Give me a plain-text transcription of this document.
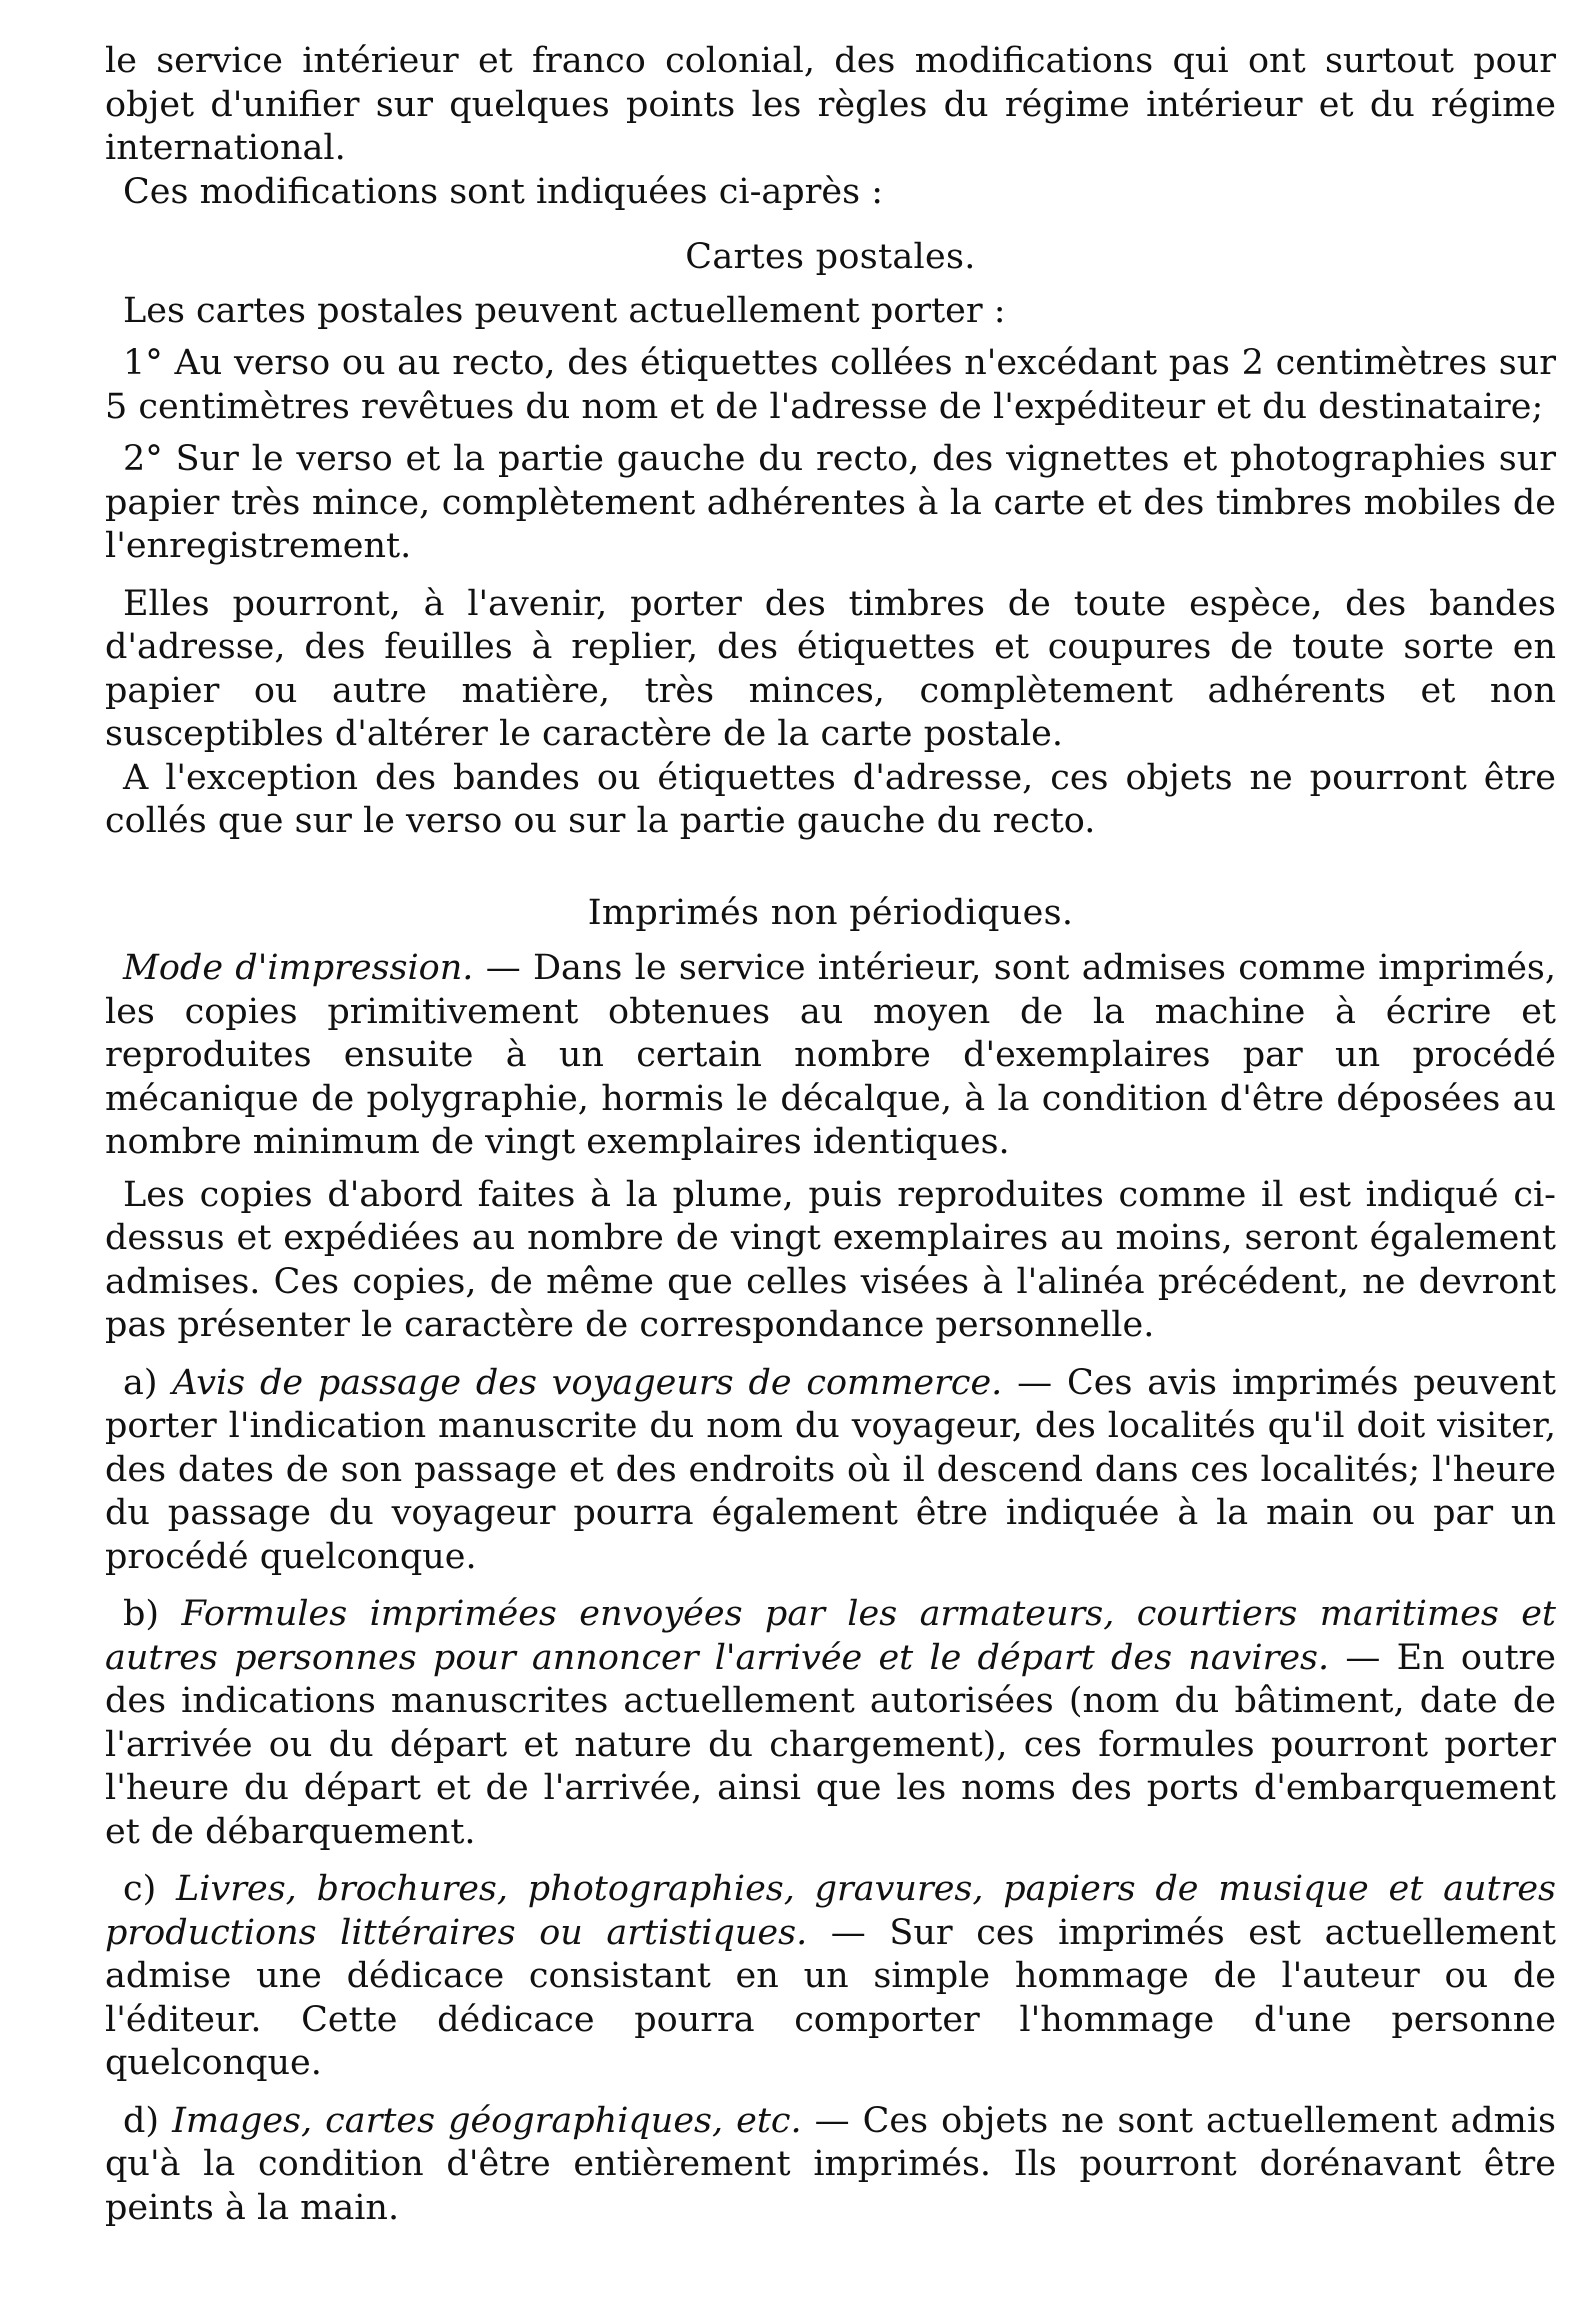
le service intérieur et franco colonial, des modifications qui ont surtout pour objet d'unifier sur quelques points les règles du régime intérieur et du régime international.

Ces modifications sont indiquées ci-après :

Cartes postales.

Les cartes postales peuvent actuellement porter :

1° Au verso ou au recto, des étiquettes collées n'excédant pas 2 centimètres sur 5 centimètres revêtues du nom et de l'adresse de l'expéditeur et du destinataire;

2° Sur le verso et la partie gauche du recto, des vignettes et photographies sur papier très mince, complètement adhérentes à la carte et des timbres mobiles de l'enregistrement.

Elles pourront, à l'avenir, porter des timbres de toute espèce, des bandes d'adresse, des feuilles à replier, des étiquettes et coupures de toute sorte en papier ou autre matière, très minces, complètement adhérents et non susceptibles d'altérer le caractère de la carte postale.

A l'exception des bandes ou étiquettes d'adresse, ces objets ne pourront être collés que sur le verso ou sur la partie gauche du recto.

Imprimés non périodiques.

Mode d'impression. — Dans le service intérieur, sont admises comme imprimés, les copies primitivement obtenues au moyen de la machine à écrire et reproduites ensuite à un certain nombre d'exemplaires par un procédé mécanique de polygraphie, hormis le décalque, à la condition d'être déposées au nombre minimum de vingt exemplaires identiques.

Les copies d'abord faites à la plume, puis reproduites comme il est indiqué ci-dessus et expédiées au nombre de vingt exemplaires au moins, seront également admises. Ces copies, de même que celles visées à l'alinéa précédent, ne devront pas présenter le caractère de correspondance personnelle.

a) Avis de passage des voyageurs de commerce. — Ces avis imprimés peuvent porter l'indication manuscrite du nom du voyageur, des localités qu'il doit visiter, des dates de son passage et des endroits où il descend dans ces localités; l'heure du passage du voyageur pourra également être indiquée à la main ou par un procédé quelconque.

b) Formules imprimées envoyées par les armateurs, courtiers maritimes et autres personnes pour annoncer l'arrivée et le départ des navires. — En outre des indications manuscrites actuellement autorisées (nom du bâtiment, date de l'arrivée ou du départ et nature du chargement), ces formules pourront porter l'heure du départ et de l'arrivée, ainsi que les noms des ports d'embarquement et de débarquement.

c) Livres, brochures, photographies, gravures, papiers de musique et autres productions littéraires ou artistiques. — Sur ces imprimés est actuellement admise une dédicace consistant en un simple hommage de l'auteur ou de l'éditeur. Cette dédicace pourra comporter l'hommage d'une personne quelconque.

d) Images, cartes géographiques, etc. — Ces objets ne sont actuellement admis qu'à la condition d'être entièrement imprimés. Ils pourront dorénavant être peints à la main.
